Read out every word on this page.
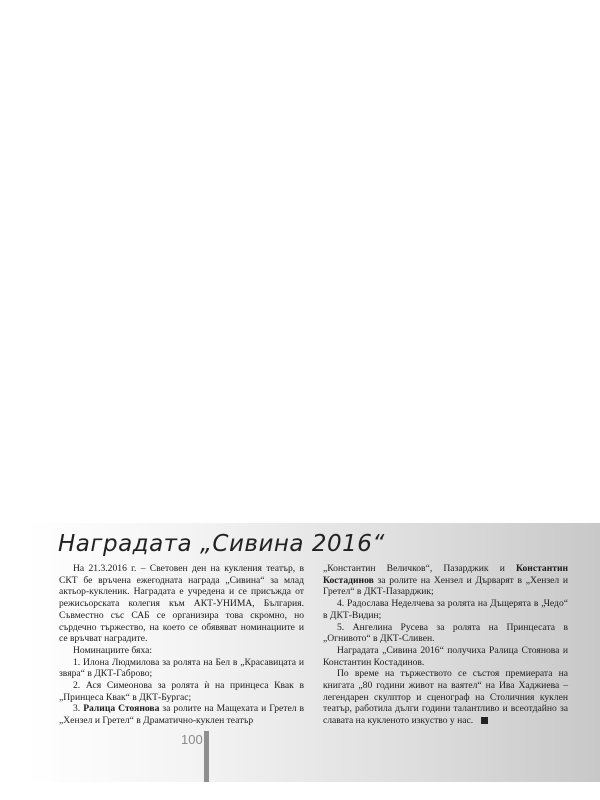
Наградата „Сивина 2016“

На 21.3.2016 г. – Световен ден на кукления театър, в СКТ бе връчена ежегодната награда „Сивина“ за млад актьор-кукленик. Наградата е учредена и се присъжда от режисьорската колегия към АКТ-УНИМА, България. Съвместно със САБ се организира това скромно, но сърдечно тържество, на което се обявяват номинациите и се връчват наградите.

Номинациите бяха:

1. Илона Людмилова за ролята на Бел в „Красавицата и звяра“ в ДКТ-Габрово;

2. Ася Симеонова за ролята ѝ на принцеса Квак в „Принцеса Квак“ в ДКТ-Бургас;

3. Ралица Стоянова за ролите на Мащехата и Гретел в „Хензел и Гретел“ в Драматично-куклен театър

„Константин Величков“, Пазарджик и Константин Костадинов за ролите на Хензел и Дърварят в „Хензел и Гретел“ в ДКТ-Пазарджик;

4. Радослава Неделчева за ролята на Дъщерята в „Чедо“ в ДКТ-Видин;

5. Ангелина Русева за ролята на Принцесата в „Огнивото“ в ДКТ-Сливен.

Наградата „Сивина 2016“ получиха Ралица Стоянова и Константин Костадинов.

По време на тържеството се състоя премиерата на книгата „80 години живот на ваятел“ на Ива Хаджиева – легендарен скулптор и сценограф на Столичния куклен театър, работила дълги години талантливо и всеотдайно за славата на кукленото изкуство у нас.

100
